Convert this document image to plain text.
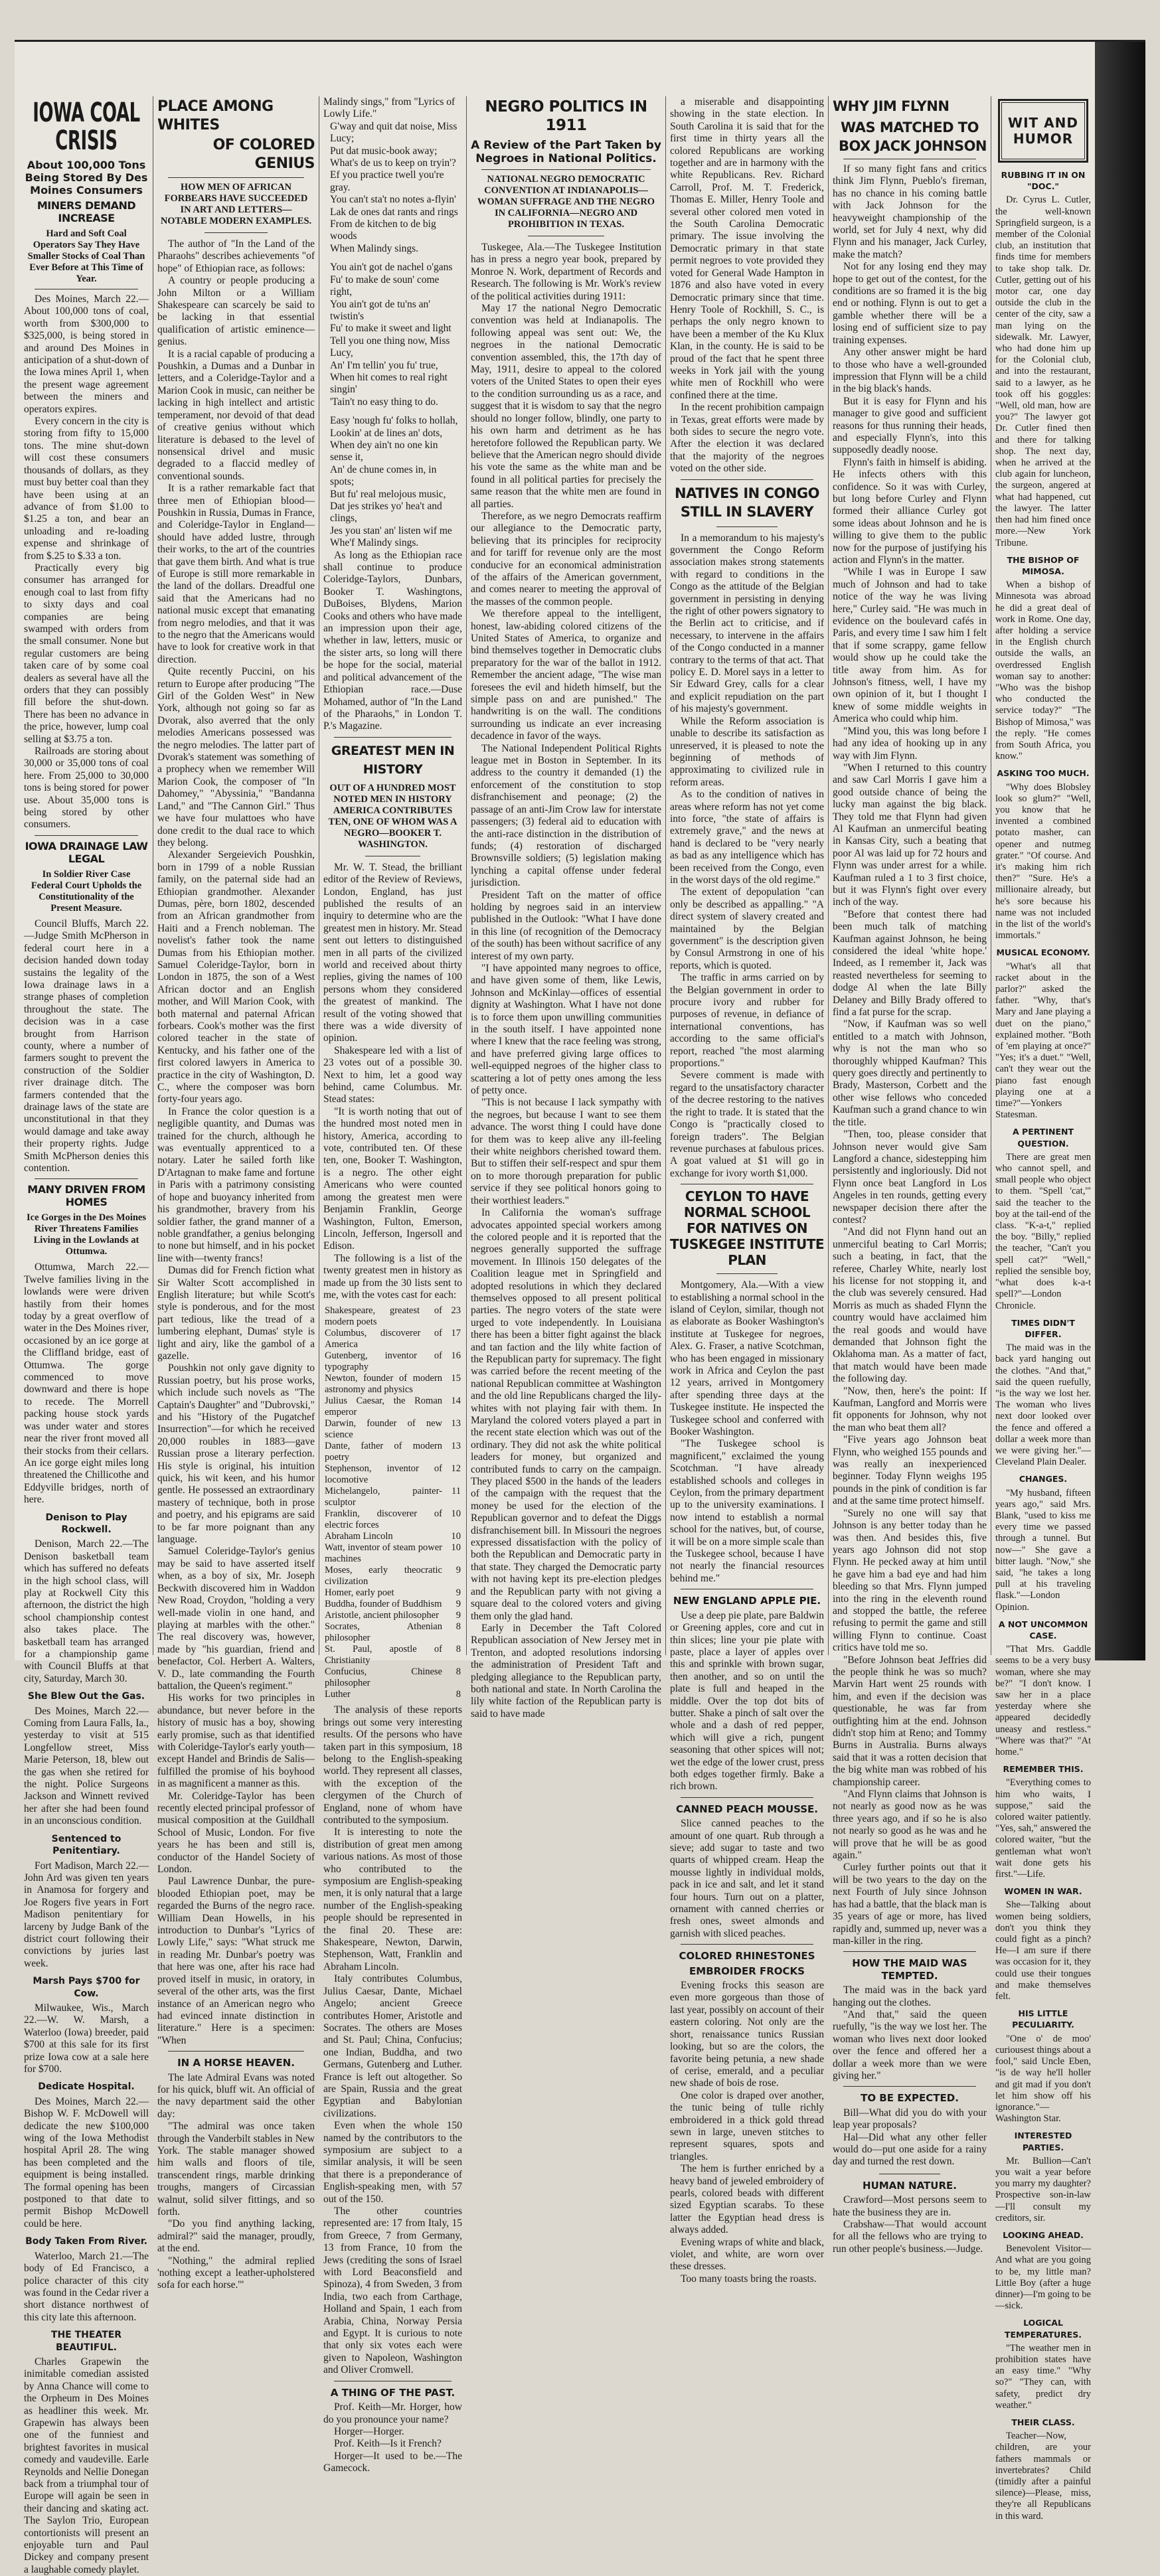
IOWA COAL CRISIS
About 100,000 Tons Being Stored By Des Moines Consumers
MINERS DEMAND INCREASE
Hard and Soft Coal Operators Say They Have Smaller Stocks of Coal Than Ever Before at This Time of Year.

Des Moines, March 22.—About 100,000 tons of coal, worth from $300,000 to $325,000, is being stored in and around Des Moines in anticipation of a shut-down of the Iowa mines April 1, when the present wage agreement between the miners and operators expires.

Every concern in the city is storing from fifty to 15,000 tons. The mine shut-down will cost these consumers thousands of dollars, as they must buy better coal than they have been using at an advance of from $1.00 to $1.25 a ton, and bear an unloading and re-loading expense and shrinkage of from $.25 to $.33 a ton.

Practically every big consumer has arranged for enough coal to last from fifty to sixty days and coal companies are being swamped with orders from the small consumer. None but regular customers are being taken care of by some coal dealers as several have all the orders that they can possibly fill before the shut-down. There has been no advance in the price, however, lump coal selling at $3.75 a ton.

Railroads are storing about 30,000 or 35,000 tons of coal here. From 25,000 to 30,000 tons is being stored for power use. About 35,000 tons is being stored by other consumers.

IOWA DRAINAGE LAW LEGAL
In Soldier River Case Federal Court Upholds the Constitutionality of the Present Measure.

Council Bluffs, March 22.—Judge Smith McPherson in federal court here in a decision handed down today sustains the legality of the Iowa drainage laws in a strange phases of completion throughout the state. The decision was in a case brought from Harrison county, where a number of farmers sought to prevent the construction of the Soldier river drainage ditch. The farmers contended that the drainage laws of the state are unconstitutional in that they would damage and take away their property rights. Judge Smith McPherson denies this contention.

MANY DRIVEN FROM HOMES
Ice Gorges in the Des Moines River Threatens Families Living in the Lowlands at Ottumwa.

Ottumwa, March 22.—Twelve families living in the lowlands were were driven hastily from their homes today by a great overflow of water in the Des Moines river, occasioned by an ice gorge at the Cliffland bridge, east of Ottumwa. The gorge commenced to move downward and there is hope to recede. The Morrell packing house stock yards was under water and stores near the river front moved all their stocks from their cellars. An ice gorge eight miles long threatened the Chillicothe and Eddyville bridges, north of here.

Denison to Play Rockwell.

Denison, March 22.—The Denison basketball team which has suffered no defeats in the high school class, will play at Rockwell City this afternoon, the district the high school championship contest also takes place. The basketball team has arranged for a championship game with Council Bluffs at that city, Saturday, March 30.

She Blew Out the Gas.

Des Moines, March 22.—Coming from Laura Falls, Ia., yesterday to visit at 515 Longfellow street, Miss Marie Peterson, 18, blew out the gas when she retired for the night. Police Surgeons Jackson and Winnett revived her after she had been found in an unconscious condition.

Sentenced to Penitentiary.

Fort Madison, March 22.—John Ard was given ten years in Anamosa for forgery and Joe Rogers five years in Fort Madison penitentiary for larceny by Judge Bank of the district court following their convictions by juries last week.

Marsh Pays $700 for Cow.

Milwaukee, Wis., March 22.—W. W. Marsh, a Waterloo (Iowa) breeder, paid $700 at this sale for its first prize Iowa cow at a sale here for $700.

Dedicate Hospital.

Des Moines, March 22.—Bishop W. F. McDowell will dedicate the new $100,000 wing of the Iowa Methodist hospital April 28. The wing has been completed and the equipment is being installed. The formal opening has been postponed to that date to permit Bishop McDowell could be here.

Body Taken From River.

Waterloo, March 21.—The body of Ed Francisco, a police character of this city was found in the Cedar river a short distance northwest of this city late this afternoon.

THE THEATER BEAUTIFUL.

Charles Grapewin the inimitable comedian assisted by Anna Chance will come to the Orpheum in Des Moines as headliner this week. Mr. Grapewin has always been one of the funniest and brightest favorites in musical comedy and vaudeville. Earle Reynolds and Nellie Donegan back from a triumphal tour of Europe will again be seen in their dancing and skating act. The Saylon Trio, European contortionists will present an enjoyable turn and Paul Dickey and company present a laughable comedy playlet.

PLACE AMONG WHITES
OF COLORED GENIUS
HOW MEN OF AFRICAN FORBEARS HAVE SUCCEEDED IN ART AND LETTERS—NOTABLE MODERN EXAMPLES.

The author of "In the Land of the Pharaohs" describes achievements "of hope" of Ethiopian race, as follows:

A country or people producing a John Milton or a William Shakespeare can scarcely be said to be lacking in that essential qualification of artistic eminence—genius.

It is a racial capable of producing a Poushkin, a Dumas and a Dunbar in letters, and a Coleridge-Taylor and a Marion Cook in music, can neither be lacking in high intellect and artistic temperament, nor devoid of that dead of creative genius without which literature is debased to the level of nonsensical drivel and music degraded to a flaccid medley of conventional sounds.

It is a rather remarkable fact that three men of Ethiopian blood—Poushkin in Russia, Dumas in France, and Coleridge-Taylor in England—should have added lustre, through their works, to the art of the countries that gave them birth. And what is true of Europe is still more remarkable in the land of the dollars. Dreadful one said that the Americans had no national music except that emanating from negro melodies, and that it was to the negro that the Americans would have to look for creative work in that direction.

Quite recently Puccini, on his return to Europe after producing "The Girl of the Golden West" in New York, although not going so far as Dvorak, also averred that the only melodies Americans possessed was the negro melodies. The latter part of Dvorak's statement was something of a prophecy when we remember Will Marion Cook, the composer of "In Dahomey," "Abyssinia," "Bandanna Land," and "The Cannon Girl." Thus we have four mulattoes who have done credit to the dual race to which they belong.

Alexander Sergeievich Poushkin, born in 1799 of a noble Russian family, on the paternal side had an Ethiopian grandmother. Alexander Dumas, père, born 1802, descended from an African grandmother from Haiti and a French nobleman. The novelist's father took the name Dumas from his Ethiopian mother. Samuel Coleridge-Taylor, born in London in 1875, the son of a West African doctor and an English mother, and Will Marion Cook, with both maternal and paternal African forbears. Cook's mother was the first colored teacher in the state of Kentucky, and his father one of the first colored lawyers in America to practice in the city of Washington, D. C., where the composer was born forty-four years ago.

In France the color question is a negligible quantity, and Dumas was trained for the church, although he was eventually apprenticed to a notary. Later he sailed forth like D'Artagnan to make fame and fortune in Paris with a patrimony consisting of hope and buoyancy inherited from his grandmother, bravery from his soldier father, the grand manner of a noble grandfather, a genius belonging to none but himself, and in his pocket line with—twenty francs!

Dumas did for French fiction what Sir Walter Scott accomplished in English literature; but while Scott's style is ponderous, and for the most part tedious, like the tread of a lumbering elephant, Dumas' style is light and airy, like the gambol of a gazelle.

Poushkin not only gave dignity to Russian poetry, but his prose works, which include such novels as "The Captain's Daughter" and "Dubrovski," and his "History of the Pugatchef Insurrection"—for which he received 20,000 roubles in 1883—gave Russian prose a literary perfection. His style is original, his intuition quick, his wit keen, and his humor gentle. He possessed an extraordinary mastery of technique, both in prose and poetry, and his epigrams are said to be far more poignant than any language.

Samuel Coleridge-Taylor's genius may be said to have asserted itself when, as a boy of six, Mr. Joseph Beckwith discovered him in Waddon New Road, Croydon, "holding a very well-made violin in one hand, and playing at marbles with the other." The real discovery was, however, made by "his guardian, friend and benefactor, Col. Herbert A. Walters, V. D., late commanding the Fourth battalion, the Queen's regiment."

His works for two principles in abundance, but never before in the history of music has a boy, showing early promise, such as that identified with Coleridge-Taylor's early youth—except Handel and Brindis de Salis—fulfilled the promise of his boyhood in as magnificent a manner as this.

Mr. Coleridge-Taylor has been recently elected principal professor of musical composition at the Guildhall School of Music, London. For five years he has been and still is, conductor of the Handel Society of London.

Paul Lawrence Dunbar, the pure-blooded Ethiopian poet, may be regarded the Burns of the negro race. William Dean Howells, in his introduction to Dunbar's "Lyrics of Lowly Life," says: "What struck me in reading Mr. Dunbar's poetry was that here was one, after his race had proved itself in music, in oratory, in several of the other arts, was the first instance of an American negro who had evinced innate distinction in literature." Here is a specimen: "When

IN A HORSE HEAVEN.

The late Admiral Evans was noted for his quick, bluff wit. An official of the navy department said the other day:

"The admiral was once taken through the Vanderbilt stables in New York. The stable manager showed him walls and floors of tile, transcendent rings, marble drinking troughs, mangers of Circassian walnut, solid silver fittings, and so forth.

"Do you find anything lacking, admiral?" said the manager, proudly, at the end.

"Nothing," the admiral replied 'nothing except a leather-upholstered sofa for each horse.'"

Malindy sings," from "Lyrics of Lowly Life."

G'way and quit dat noise, Miss Lucy;

Put dat music-book away;

What's de us to keep on tryin'?

Ef you practice twell you're gray.

You can't sta't no notes a-flyin'

Lak de ones dat rants and rings

From de kitchen to de big woods

When Malindy sings.

You ain't got de nachel o'gans

Fu' to make de soun' come right,

You ain't got de tu'ns an' twistin's

Fu' to make it sweet and light

Tell you one thing now, Miss Lucy,

An' I'm tellin' you fu' true,

When hit comes to real right singin'

'Tain't no easy thing to do.

Easy 'nough fu' folks to hollah,

Lookin' at de lines an' dots,

When dey ain't no one kin sense it,

An' de chune comes in, in spots;

But fu' real melojous music,

Dat jes strikes yo' hea't and clings,

Jes you stan' an' listen wif me

Whe'f Malindy sings.

As long as the Ethiopian race shall continue to produce Coleridge-Taylors, Dunbars, Booker T. Washingtons, DuBoises, Blydens, Marion Cooks and others who have made an impression upon their age, whether in law, letters, music or the sister arts, so long will there be hope for the social, material and political advancement of the Ethiopian race.—Duse Mohamed, author of "In the Land of the Pharaohs," in London T. P.'s Magazine.

GREATEST MEN IN HISTORY
OUT OF A HUNDRED MOST NOTED MEN IN HISTORY AMERICA CONTRIBUTES TEN, ONE OF WHOM WAS A NEGRO—BOOKER T. WASHINGTON.

Mr. W. T. Stead, the brilliant editor of the Review of Reviews, London, England, has just published the results of an inquiry to determine who are the greatest men in history. Mr. Stead sent out letters to distinguished men in all parts of the civilized world and received about thirty replies, giving the names of 100 persons whom they considered the greatest of mankind. The result of the voting showed that there was a wide diversity of opinion.

Shakespeare led with a list of 23 votes out of a possible 30. Next to him, let a good way behind, came Columbus. Mr. Stead states:

"It is worth noting that out of the hundred most noted men in history, America, according to vote, contributed ten. Of these ten, one, Booker T. Washington, is a negro. The other eight Americans who were counted among the greatest men were Benjamin Franklin, George Washington, Fulton, Emerson, Lincoln, Jefferson, Ingersoll and Edison.

The following is a list of the twenty greatest men in history as made up from the 30 lists sent to me, with the votes cast for each:

Shakespeare, greatest of modern poets	23
Columbus, discoverer of America	17
Gutenberg, inventor of typography	16
Newton, founder of modern astronomy and physics	15
Julius Caesar, the Roman emperor	14
Darwin, founder of new science	13
Dante, father of modern poetry	13
Stephenson, inventor of locomotive	12
Michelangelo, painter-sculptor	11
Franklin, discoverer of electric forces	10
Abraham Lincoln	10
Watt, inventor of steam power machines	10
Moses, early theocratic civilization	9
Homer, early poet	9
Buddha, founder of Buddhism	9
Aristotle, ancient philosopher	9
Socrates, Athenian philosopher	8
St. Paul, apostle of Christianity	8
Confucius, Chinese philosopher	8
Luther	8

The analysis of these reports brings out some very interesting results. Of the persons who have taken part in this symposium, 18 belong to the English-speaking world. They represent all classes, with the exception of the clergymen of the Church of England, none of whom have contributed to the symposium.

It is interesting to note the distribution of great men among various nations. As most of those who contributed to the symposium are English-speaking men, it is only natural that a large number of the English-speaking people should be represented in the final 20. These are: Shakespeare, Newton, Darwin, Stephenson, Watt, Franklin and Abraham Lincoln.

Italy contributes Columbus, Julius Caesar, Dante, Michael Angelo; ancient Greece contributes Homer, Aristotle and Socrates. The others are Moses and St. Paul; China, Confucius; one Indian, Buddha, and two Germans, Gutenberg and Luther. France is left out altogether. So are Spain, Russia and the great Egyptian and Babylonian civilizations.

Even when the whole 150 named by the contributors to the symposium are subject to a similar analysis, it will be seen that there is a preponderance of English-speaking men, with 57 out of the 150.

The other countries represented are: 17 from Italy, 15 from Greece, 7 from Germany, 13 from France, 10 from the Jews (crediting the sons of Israel with Lord Beaconsfield and Spinoza), 4 from Sweden, 3 from India, two each from Carthage, Holland and Spain, 1 each from Arabia, China, Norway Persia and Egypt. It is curious to note that only six votes each were given to Napoleon, Washington and Oliver Cromwell.

A THING OF THE PAST.

Prof. Keith—Mr. Horger, how do you pronounce your name?

Horger—Horger.

Prof. Keith—Is it French?

Horger—It used to be.—The Gamecock.

NEGRO POLITICS IN 1911
A Review of the Part Taken by Negroes in National Politics.
NATIONAL NEGRO DEMOCRATIC CONVENTION AT INDIANAPOLIS—WOMAN SUFFRAGE AND THE NEGRO IN CALIFORNIA—NEGRO AND PROHIBITION IN TEXAS.

Tuskegee, Ala.—The Tuskegee Institution has in press a negro year book, prepared by Monroe N. Work, department of Records and Research. The following is Mr. Work's review of the political activities during 1911:

May 17 the national Negro Democratic convention was held at Indianapolis. The following appeal was sent out: We, the negroes in the national Democratic convention assembled, this, the 17th day of May, 1911, desire to appeal to the colored voters of the United States to open their eyes to the condition surrounding us as a race, and suggest that it is wisdom to say that the negro should no longer follow, blindly, one party to his own harm and detriment as he has heretofore followed the Republican party. We believe that the American negro should divide his vote the same as the white man and be found in all political parties for precisely the same reason that the white men are found in all parties.

Therefore, as we negro Democrats reaffirm our allegiance to the Democratic party, believing that its principles for reciprocity and for tariff for revenue only are the most conducive for an economical administration of the affairs of the American government, and comes nearer to meeting the approval of the masses of the common people.

We therefore appeal to the intelligent, honest, law-abiding colored citizens of the United States of America, to organize and bind themselves together in Democratic clubs preparatory for the war of the ballot in 1912. Remember the ancient adage, "The wise man foresees the evil and hideth himself, but the simple pass on and are punished." The handwriting is on the wall. The conditions surrounding us indicate an ever increasing decadence in favor of the ways.

The National Independent Political Rights league met in Boston in September. In its address to the country it demanded (1) the enforcement of the constitution to stop disfranchisement and peonage; (2) the passage of an anti-Jim Crow law for interstate passengers; (3) federal aid to education with the anti-race distinction in the distribution of funds; (4) restoration of discharged Brownsville soldiers; (5) legislation making lynching a capital offense under federal jurisdiction.

President Taft on the matter of office holding by negroes said in an interview published in the Outlook: "What I have done in this line (of recognition of the Democracy of the south) has been without sacrifice of any interest of my own party.

"I have appointed many negroes to office, and have given some of them, like Lewis, Johnson and McKinlay—offices of essential dignity at Washington. What I have not done is to force them upon unwilling communities in the south itself. I have appointed none where I knew that the race feeling was strong, and have preferred giving large offices to well-equipped negroes of the higher class to scattering a lot of petty ones among the less of petty once.

"This is not because I lack sympathy with the negroes, but because I want to see them advance. The worst thing I could have done for them was to keep alive any ill-feeling their white neighbors cherished toward them. But to stiffen their self-respect and spur them on to more thorough preparation for public service if they see political honors going to their worthiest leaders."

In California the woman's suffrage advocates appointed special workers among the colored people and it is reported that the negroes generally supported the suffrage movement. In Illinois 150 delegates of the Coalition league met in Springfield and adopted resolutions in which they declared themselves opposed to all present political parties. The negro voters of the state were urged to vote independently. In Louisiana there has been a bitter fight against the black and tan faction and the lily white faction of the Republican party for supremacy. The fight was carried before the recent meeting of the national Republican committee at Washington and the old line Republicans charged the lily-whites with not playing fair with them. In Maryland the colored voters played a part in the recent state election which was out of the ordinary. They did not ask the white political leaders for money, but organized and contributed funds to carry on the campaign. They placed $500 in the hands of the leaders of the campaign with the request that the money be used for the election of the Republican governor and to defeat the Diggs disfranchisement bill. In Missouri the negroes expressed dissatisfaction with the policy of both the Republican and Democratic party in that state. They charged the Democratic party with not having kept its pre-election pledges and the Republican party with not giving a square deal to the colored voters and giving them only the glad hand.

Early in December the Taft Colored Republican association of New Jersey met in Trenton, and adopted resolutions indorsing the administration of President Taft and pledging allegiance to the Republican party, both national and state. In North Carolina the lily white faction of the Republican party is said to have made

a miserable and disappointing showing in the state election. In South Carolina it is said that for the first time in thirty years all the colored Republicans are working together and are in harmony with the white Republicans. Rev. Richard Carroll, Prof. M. T. Frederick, Thomas E. Miller, Henry Toole and several other colored men voted in the South Carolina Democratic primary. The issue involving the Democratic primary in that state permit negroes to vote provided they voted for General Wade Hampton in 1876 and also have voted in every Democratic primary since that time. Henry Toole of Rockhill, S. C., is perhaps the only negro known to have been a member of the Ku Klux Klan, in the county. He is said to be proud of the fact that he spent three weeks in York jail with the young white men of Rockhill who were confined there at the time.

In the recent prohibition campaign in Texas, great efforts were made by both sides to secure the negro vote. After the election it was declared that the majority of the negroes voted on the other side.

NATIVES IN CONGO STILL IN SLAVERY

In a memorandum to his majesty's government the Congo Reform association makes strong statements with regard to conditions in the Congo as the attitude of the Belgian government in persisting in denying the right of other powers signatory to the Berlin act to criticise, and if necessary, to intervene in the affairs of the Congo conducted in a manner contrary to the terms of that act. That policy E. D. Morel says in a letter to Sir Edward Grey, calls for a clear and explicit repudiation on the part of his majesty's government.

While the Reform association is unable to describe its satisfaction as unreserved, it is pleased to note the beginning of methods of approximating to civilized rule in reform areas.

As to the condition of natives in areas where reform has not yet come into force, "the state of affairs is extremely grave," and the news at hand is declared to be "very nearly as bad as any intelligence which has been received from the Congo, even in the worst days of the old regime."

The extent of depopulation "can only be described as appalling." "A direct system of slavery created and maintained by the Belgian government" is the description given by Consul Armstrong in one of his reports, which is quoted.

The traffic in arms carried on by the Belgian government in order to procure ivory and rubber for purposes of revenue, in defiance of international conventions, has according to the same official's report, reached "the most alarming proportions."

Severe comment is made with regard to the unsatisfactory character of the decree restoring to the natives the right to trade. It is stated that the Congo is "practically closed to foreign traders". The Belgian revenue purchases at fabulous prices. A goat valued at $1 will go in exchange for ivory worth $1,000.

CEYLON TO HAVE NORMAL SCHOOL FOR NATIVES ON TUSKEGEE INSTITUTE PLAN

Montgomery, Ala.—With a view to establishing a normal school in the island of Ceylon, similar, though not as elaborate as Booker Washington's institute at Tuskegee for negroes, Alex. G. Fraser, a native Scotchman, who has been engaged in missionary work in Africa and Ceylon the past 12 years, arrived in Montgomery after spending three days at the Tuskegee institute. He inspected the Tuskegee school and conferred with Booker Washington.

"The Tuskegee school is magnificent," exclaimed the young Scotchman. "I have already established schools and colleges in Ceylon, from the primary department up to the university examinations. I now intend to establish a normal school for the natives, but, of course, it will be on a more simple scale than the Tuskegee school, because I have not nearly the financial resources behind me."

NEW ENGLAND APPLE PIE.

Use a deep pie plate, pare Baldwin or Greening apples, core and cut in thin slices; line your pie plate with paste, place a layer of apples over this and sprinkle with brown sugar, then another, and so on until the plate is full and heaped in the middle. Over the top dot bits of butter. Shake a pinch of salt over the whole and a dash of red pepper, which will give a rich, pungent seasoning that other spices will not; wet the edge of the lower crust, press both edges together firmly. Bake a rich brown.

CANNED PEACH MOUSSE.

Slice canned peaches to the amount of one quart. Rub through a sieve; add sugar to taste and two quarts of whipped cream. Heap the mousse lightly in individual molds, pack in ice and salt, and let it stand four hours. Turn out on a platter, ornament with canned cherries or fresh ones, sweet almonds and garnish with sliced peaches.

COLORED RHINESTONES
EMBROIDER FROCKS

Evening frocks this season are even more gorgeous than those of last year, possibly on account of their eastern coloring. Not only are the short, renaissance tunics Russian looking, but so are the colors, the favorite being petunia, a new shade of cerise, emerald, and a peculiar new shade of bois de rose.

One color is draped over another, the tunic being of tulle richly embroidered in a thick gold thread sewn in large, uneven stitches to represent squares, spots and triangles.

The hem is further enriched by a heavy band of jeweled embroidery of pearls, colored beads with different sized Egyptian scarabs. To these latter the Egyptian head dress is always added.

Evening wraps of white and black, violet, and white, are worn over these dresses.

Too many toasts bring the roasts.

WHY JIM FLYNN
WAS MATCHED TO
BOX JACK JOHNSON

If so many fight fans and critics think Jim Flynn, Pueblo's fireman, has no chance in his coming battle with Jack Johnson for the heavyweight championship of the world, set for July 4 next, why did Flynn and his manager, Jack Curley, make the match?

Not for any losing end they may hope to get out of the contest, for the conditions are so framed it is the big end or nothing. Flynn is out to get a gamble whether there will be a losing end of sufficient size to pay training expenses.

Any other answer might be hard to those who have a well-grounded impression that Flynn will be a child in the big black's hands.

But it is easy for Flynn and his manager to give good and sufficient reasons for thus running their heads, and especially Flynn's, into this supposedly deadly noose.

Flynn's faith in himself is abiding. He infects others with this confidence. So it was with Curley, but long before Curley and Flynn formed their alliance Curley got some ideas about Johnson and he is willing to give them to the public now for the purpose of justifying his action and Flynn's in the matter.

"While I was in Europe I saw much of Johnson and had to take notice of the way he was living here," Curley said. "He was much in evidence on the boulevard cafés in Paris, and every time I saw him I felt that if some scrappy, game fellow would show up he could take the title away from him. As for Johnson's fitness, well, I have my own opinion of it, but I thought I knew of some middle weights in America who could whip him.

"Mind you, this was long before I had any idea of hooking up in any way with Jim Flynn.

"When I returned to this country and saw Carl Morris I gave him a good outside chance of being the lucky man against the big black. They told me that Flynn had given Al Kaufman an unmerciful beating in Kansas City, such a beating that poor Al was laid up for 72 hours and Flynn was under arrest for a while. Kaufman ruled a 1 to 3 first choice, but it was Flynn's fight over every inch of the way.

"Before that contest there had been much talk of matching Kaufman against Johnson, he being considered the ideal 'white hope.' Indeed, as I remember it, Jack was reasted nevertheless for seeming to dodge Al when the late Billy Delaney and Billy Brady offered to find a fat purse for the scrap.

"Now, if Kaufman was so well entitled to a match with Johnson, why is not the man who so thoroughly whipped Kaufman? This query goes directly and pertinently to Brady, Masterson, Corbett and the other wise fellows who conceded Kaufman such a grand chance to win the title.

"Then, too, please consider that Johnson never would give Sam Langford a chance, sidestepping him persistently and ingloriously. Did not Flynn once beat Langford in Los Angeles in ten rounds, getting every newspaper decision there after the contest?

"And did not Flynn hand out an unmerciful beating to Carl Morris; such a beating, in fact, that the referee, Charley White, nearly lost his license for not stopping it, and the club was severely censured. Had Morris as much as shaded Flynn the country would have acclaimed him the real goods and would have demanded that Johnson fight the Oklahoma man. As a matter of fact, that match would have been made the following day.

"Now, then, here's the point: If Kaufman, Langford and Morris were fit opponents for Johnson, why not the man who beat them all?

"Five years ago Johnson beat Flynn, who weighed 155 pounds and was really an inexperienced beginner. Today Flynn weighs 195 pounds in the pink of condition is far and at the same time protect himself.

"Surely no one will say that Johnson is any better today than he was then. And besides this, five years ago Johnson did not stop Flynn. He pecked away at him until he gave him a bad eye and had him bleeding so that Mrs. Flynn jumped into the ring in the eleventh round and stopped the battle, the referee refusing to permit the game and still willing Flynn to continue. Coast critics have told me so.

"Before Johnson beat Jeffries did the people think he was so much? Marvin Hart went 25 rounds with him, and even if the decision was questionable, he was far from outfighting him at the end. Johnson didn't stop him at Reno; and Tommy Burns in Australia. Burns always said that it was a rotten decision that the big white man was robbed of his championship career.

"And Flynn claims that Johnson is not nearly as good now as he was three years ago, and if so he is also not nearly so good as he was and he will prove that he will be as good again."

Curley further points out that it will be two years to the day on the next Fourth of July since Johnson has had a battle, that the black man is 35 years of age or more, has lived rapidly and, summed up, never was a man-killer in the ring.

HOW THE MAID WAS TEMPTED.

The maid was in the back yard hanging out the clothes.

"And that," said the queen ruefully, "is the way we lost her. The woman who lives next door looked over the fence and offered her a dollar a week more than we were giving her."

TO BE EXPECTED.

Bill—What did you do with your leap year proposals?

Hal—Did what any other feller would do—put one aside for a rainy day and turned the rest down.

HUMAN NATURE.

Crawford—Most persons seem to hate the business they are in.

Crabshaw—That would account for all the fellows who are trying to run other people's business.—Judge.

WIT AND HUMOR
RUBBING IT IN ON "DOC."

Dr. Cyrus L. Cutler, the well-known Springfield surgeon, is a member of the Colonial club, an institution that finds time for members to take shop talk. Dr. Cutler, getting out of his motor car, one day outside the club in the center of the city, saw a man lying on the sidewalk. Mr. Lawyer, who had done him up for the Colonial club, and into the restaurant, said to a lawyer, as he took off his goggles: "Well, old man, how are you?" The lawyer got Dr. Cutler fined then and there for talking shop. The next day, when he arrived at the club again for luncheon, the surgeon, angered at what had happened, cut the lawyer. The latter then had him fined once more.—New York Tribune.

THE BISHOP OF MIMOSA.

When a bishop of Minnesota was abroad he did a great deal of work in Rome. One day, after holding a service in the English church outside the walls, an overdressed English woman say to another: "Who was the bishop who conducted the service today?" "The Bishop of Mimosa," was the reply. "He comes from South Africa, you know."

ASKING TOO MUCH.

"Why does Blobsley look so glum?" "Well, you know that he invented a combined potato masher, can opener and nutmeg grater." "Of course. And it's making him rich then?" "Sure. He's a millionaire already, but he's sore because his name was not included in the list of the world's immortals."

MUSICAL ECONOMY.

"What's all that racket about in the parlor?" asked the father. "Why, that's Mary and Jane playing a duet on the piano," explained mother. "Both of 'em playing at once?" "Yes; it's a duet." "Well, can't they wear out the piano fast enough playing one at a time?"—Yonkers Statesman.

A PERTINENT QUESTION.

There are great men who cannot spell, and small people who object to them. "Spell 'cat,'" said the teacher to the boy at the tail-end of the class. "K-a-t," replied the boy. "Billy," replied the teacher, "Can't you spell cat?" "Well," replied the sensible boy, "what does k-a-t spell?"—London Chronicle.

TIMES DIDN'T DIFFER.

The maid was in the back yard hanging out the clothes. "And that," said the queen ruefully, "is the way we lost her. The woman who lives next door looked over the fence and offered a dollar a week more than we were giving her."—Cleveland Plain Dealer.

CHANGES.

"My husband, fifteen years ago," said Mrs. Blank, "used to kiss me every time we passed through a tunnel. But now—" She gave a bitter laugh. "Now," she said, "he takes a long pull at his traveling flask."—London Opinion.

A NOT UNCOMMON CASE.

"That Mrs. Gaddle seems to be a very busy woman, where she may be?" "I don't know. I saw her in a place yesterday where she appeared decidedly uneasy and restless." "Where was that?" "At home."

REMEMBER THIS.

"Everything comes to him who waits, I suppose," said the colored waiter patiently. "Yes, sah," answered the colored waiter, "but the gentleman what won't wait done gets his first."—Life.

WOMEN IN WAR.

She—Talking about women being soldiers, don't you think they could fight as a pinch? He—I am sure if there was occasion for it, they could use their tongues and make themselves felt.

HIS LITTLE PECULIARITY.

"One o' de moo' curiousest things about a fool," said Uncle Eben, "is de way he'll holler and git mad if you don't let him show off his ignorance."—Washington Star.

INTERESTED PARTIES.

Mr. Bullion—Can't you wait a year before you marry my daughter? Prospective son-in-law—I'll consult my creditors, sir.

LOOKING AHEAD.

Benevolent Visitor—And what are you going to be, my little man? Little Boy (after a huge dinner)—I'm going to be—sick.

LOGICAL TEMPERATURES.

"The weather men in prohibition states have an easy time." "Why so?" "They can, with safety, predict dry weather."

THEIR CLASS.

Teacher—Now, children, are your fathers mammals or invertebrates? Child (timidly after a painful silence)—Please, miss, they're all Republicans in this ward.
